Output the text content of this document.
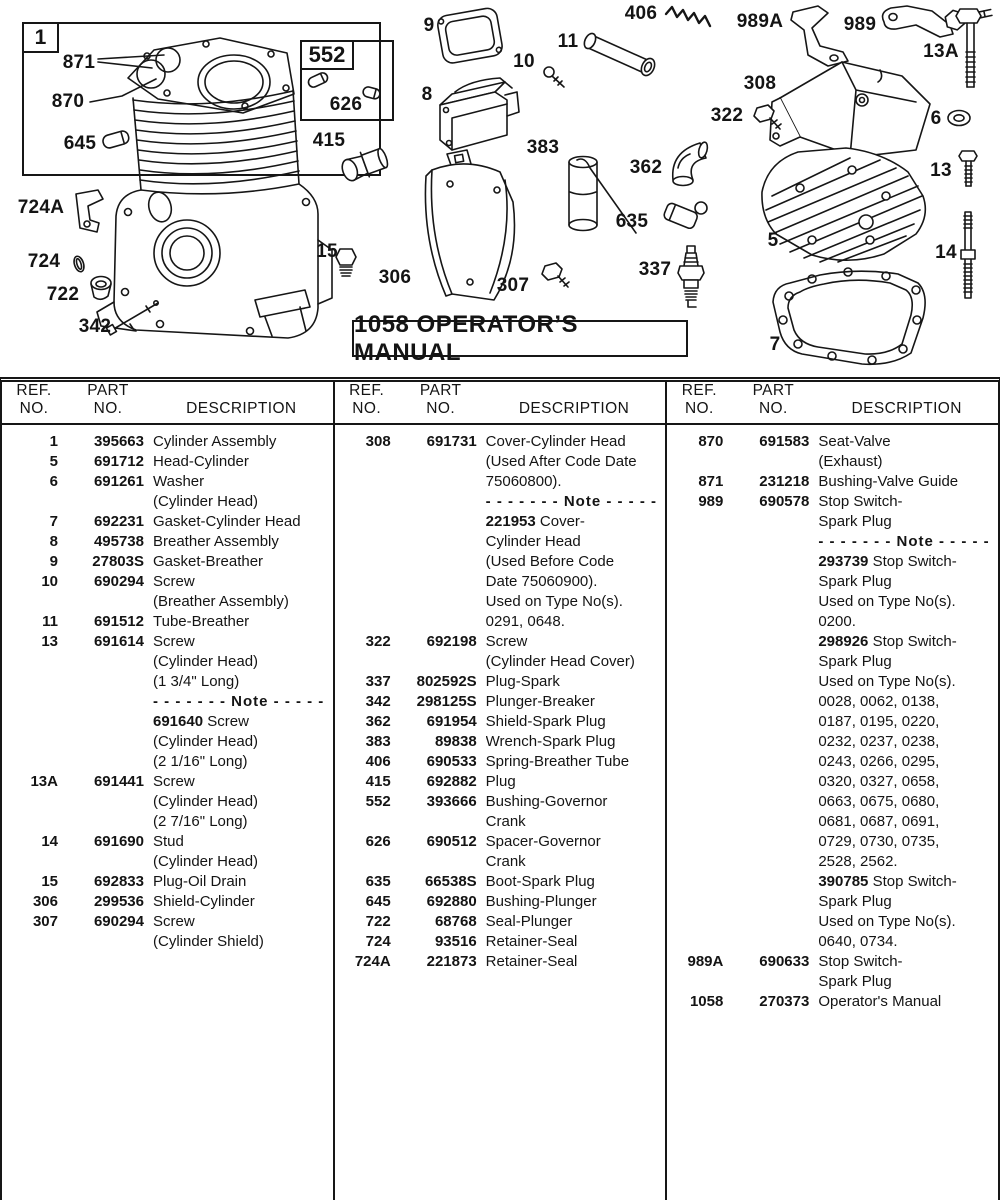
1
552
871
870
645
724A
724
722
342
15
626
415
9
8
10
11
306	307
383
362
635
337
406	989A	989
13A
308
322	6
13
5
14
7
1058 OPERATOR’S MANUAL
REF.
NO.
PART
NO.	DESCRIPTION
1	395663 Cylinder Assembly
5	691712 Head-Cylinder
6	691261 Washer
(Cylinder Head)
7	692231 Gasket-Cylinder Head
8	495738 Breather Assembly
9	27803S Gasket-Breather
10	690294 Screw
(Breather Assembly)
11	691512 Tube-Breather
13	691614 Screw
(Cylinder Head)
(1 3/4" Long)
- - - - - - - Note - - - - -
691640 Screw
(Cylinder Head)
(2 1/16" Long)
13A	691441 Screw
(Cylinder Head)
(2 7/16" Long)
14	691690 Stud
(Cylinder Head)
15	692833 Plug-Oil Drain
306	299536 Shield-Cylinder
307	690294 Screw
(Cylinder Shield)
REF.
NO.
PART
NO.	DESCRIPTION
308	691731 Cover-Cylinder Head
(Used After Code Date
75060800).
- - - - - - - Note - - - - -
221953 Cover-
Cylinder Head
(Used Before Code
Date 75060900).
Used on Type No(s).
0291, 0648.
322	692198 Screw
(Cylinder Head Cover)
337	802592S Plug-Spark
342	298125S Plunger-Breaker
362	691954 Shield-Spark Plug
383	89838 Wrench-Spark Plug
406	690533 Spring-Breather Tube
415	692882 Plug
552	393666 Bushing-Governor
Crank
626	690512 Spacer-Governor
Crank
635	66538S Boot-Spark Plug
645	692880 Bushing-Plunger
722	68768 Seal-Plunger
724	93516 Retainer-Seal
724A	221873 Retainer-Seal
REF.
NO.
PART
NO.	DESCRIPTION
870	691583 Seat-Valve
(Exhaust)
871	231218 Bushing-Valve Guide
989	690578 Stop Switch-
Spark Plug
- - - - - - - Note - - - - -
293739 Stop Switch-
Spark Plug
Used on Type No(s).
0200.
298926 Stop Switch-
Spark Plug
Used on Type No(s).
0028, 0062, 0138,
0187, 0195, 0220,
0232, 0237, 0238,
0243, 0266, 0295,
0320, 0327, 0658,
0663, 0675, 0680,
0681, 0687, 0691,
0729, 0730, 0735,
2528, 2562.
390785 Stop Switch-
Spark Plug
Used on Type No(s).
0640, 0734.
989A	690633 Stop Switch-
Spark Plug
1058	270373 Operator's Manual
